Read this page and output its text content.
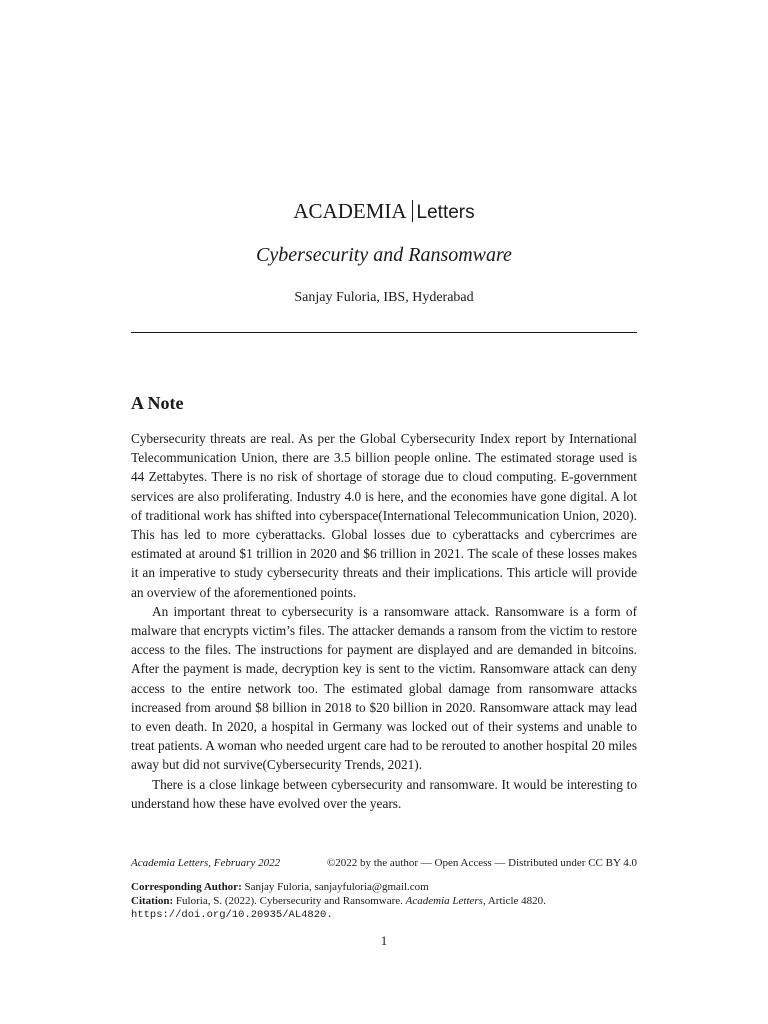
ACADEMIA Letters
Cybersecurity and Ransomware
Sanjay Fuloria, IBS, Hyderabad
A Note

Cybersecurity threats are real. As per the Global Cybersecurity Index report by International Telecommunication Union, there are 3.5 billion people online. The estimated storage used is 44 Zettabytes. There is no risk of shortage of storage due to cloud computing. E-government services are also proliferating. Industry 4.0 is here, and the economies have gone digital. A lot of traditional work has shifted into cyberspace(International Telecommunication Union, 2020). This has led to more cyberattacks. Global losses due to cyberattacks and cybercrimes are estimated at around $1 trillion in 2020 and $6 trillion in 2021. The scale of these losses makes it an imperative to study cybersecurity threats and their implications. This article will provide an overview of the aforementioned points.

An important threat to cybersecurity is a ransomware attack. Ransomware is a form of malware that encrypts victim’s files. The attacker demands a ransom from the victim to restore access to the files. The instructions for payment are displayed and are demanded in bitcoins. After the payment is made, decryption key is sent to the victim. Ransomware attack can deny access to the entire network too. The estimated global damage from ransomware attacks increased from around $8 billion in 2018 to $20 billion in 2020. Ransomware attack may lead to even death. In 2020, a hospital in Germany was locked out of their systems and unable to treat patients. A woman who needed urgent care had to be rerouted to another hospital 20 miles away but did not survive(Cybersecurity Trends, 2021).

There is a close linkage between cybersecurity and ransomware. It would be interesting to understand how these have evolved over the years.

Academia Letters, February 2022	©2022 by the author — Open Access — Distributed under CC BY 4.0
Corresponding Author: Sanjay Fuloria, sanjayfuloria@gmail.com
Citation: Fuloria, S. (2022). Cybersecurity and Ransomware. Academia Letters, Article 4820.
https://doi.org/10.20935/AL4820.
1
